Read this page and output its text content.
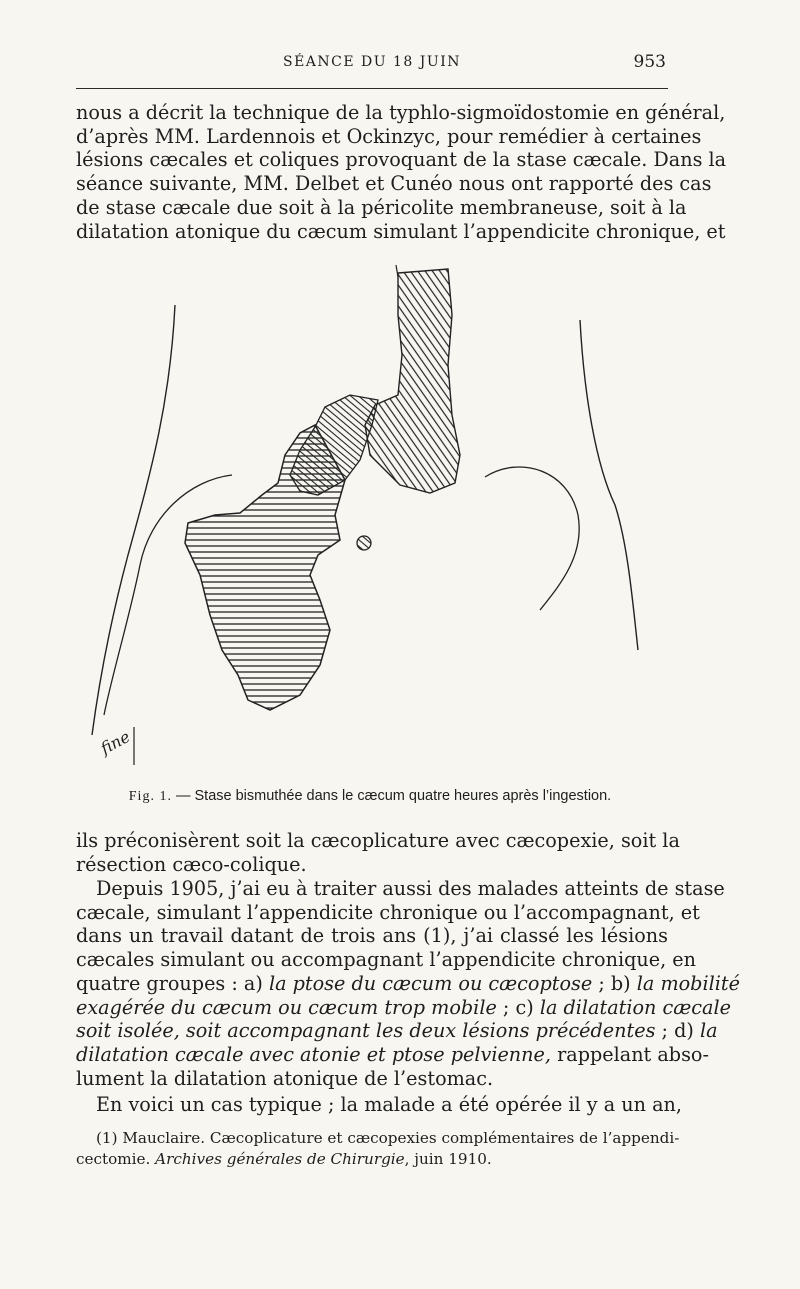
SÉANCE DU 18 JUIN	953
nous a décrit la technique de la typhlo-sigmoïdostomie en général,
d’après MM. Lardennois et Ockinzyc, pour remédier à certaines
lésions cæcales et coliques provoquant de la stase cæcale. Dans la
séance suivante, MM. Delbet et Cunéo nous ont rapporté des cas
de stase cæcale due soit à la péricolite membraneuse, soit à la
dilatation atonique du cæcum simulant l’appendicite chronique, et
fine
Fig. 1. — Stase bismuthée dans le cæcum quatre heures après l’ingestion.
ils préconisèrent soit la cæcoplicature avec cæcopexie, soit la
résection cæco-colique.
Depuis 1905, j’ai eu à traiter aussi des malades atteints de stase
cæcale, simulant l’appendicite chronique ou l’accompagnant, et
dans un travail datant de trois ans (1), j’ai classé les lésions
cæcales simulant ou accompagnant l’appendicite chronique, en
quatre groupes : a) la ptose du cæcum ou cæcoptose ; b) la mobilité
exagérée du cæcum ou cæcum trop mobile ; c) la dilatation cæcale
soit isolée, soit accompagnant les deux lésions précédentes ; d) la
dilatation cæcale avec atonie et ptose pelvienne, rappelant abso-
lument la dilatation atonique de l’estomac.
En voici un cas typique ; la malade a été opérée il y a un an,
(1) Mauclaire. Cæcoplicature et cæcopexies complémentaires de l’appendi-
cectomie. Archives générales de Chirurgie, juin 1910.
